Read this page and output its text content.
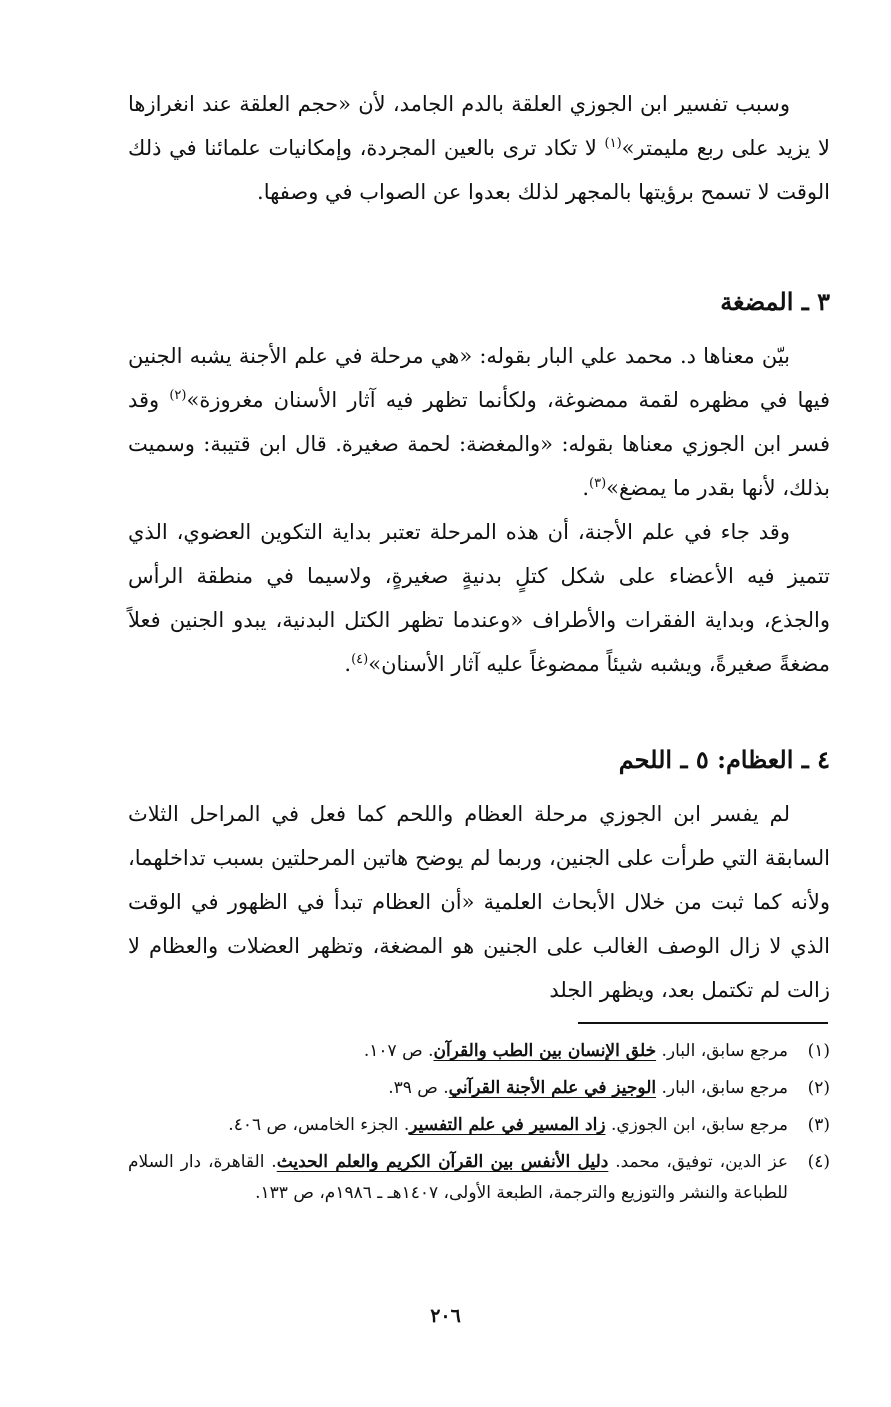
وسبب تفسير ابن الجوزي العلقة بالدم الجامد، لأن «حجم العلقة عند انغرازها لا يزيد على ربع مليمتر»$^{(١)}$ لا تكاد ترى بالعين المجردة، وإمكانيات علمائنا في ذلك الوقت لا تسمح برؤيتها بالمجهر لذلك بعدوا عن الصواب في وصفها.

٣ ـ المضغة

بيّن معناها د. محمد علي البار بقوله: «هي مرحلة في علم الأجنة يشبه الجنين فيها في مظهره لقمة ممضوغة، ولكأنما تظهر فيه آثار الأسنان مغروزة»$^{(٢)}$ وقد فسر ابن الجوزي معناها بقوله: «والمغضة: لحمة صغيرة. قال ابن قتيبة: وسميت بذلك، لأنها بقدر ما يمضغ»$^{(٣)}$.

وقد جاء في علم الأجنة، أن هذه المرحلة تعتبر بداية التكوين العضوي، الذي تتميز فيه الأعضاء على شكل كتلٍ بدنيةٍ صغيرةٍ، ولاسيما في منطقة الرأس والجذع، وبداية الفقرات والأطراف «وعندما تظهر الكتل البدنية، يبدو الجنين فعلاً مضغةً صغيرةً، ويشبه شيئاً ممضوغاً عليه آثار الأسنان»$^{(٤)}$.

٤ ـ العظام: ٥ ـ اللحم

لم يفسر ابن الجوزي مرحلة العظام واللحم كما فعل في المراحل الثلاث السابقة التي طرأت على الجنين، وربما لم يوضح هاتين المرحلتين بسبب تداخلهما، ولأنه كما ثبت من خلال الأبحاث العلمية «أن العظام تبدأ في الظهور في الوقت الذي لا زال الوصف الغالب على الجنين هو المضغة، وتظهر العضلات والعظام لا زالت لم تكتمل بعد، ويظهر الجلد

(١)
مرجع سابق، البار. خلق الإنسان بين الطب والقرآن. ص ١٠٧.
(٢)
مرجع سابق، البار. الوجيز في علم الأجنة القرآني. ص ٣٩.
(٣)
مرجع سابق، ابن الجوزي. زاد المسير في علم التفسير. الجزء الخامس، ص ٤٠٦.
(٤)
عز الدين، توفيق، محمد. دليل الأنفس بين القرآن الكريم والعلم الحديث. القاهرة، دار السلام للطباعة والنشر والتوزيع والترجمة، الطبعة الأولى، ١٤٠٧هـ ـ ١٩٨٦م، ص ١٣٣.
٢٠٦
